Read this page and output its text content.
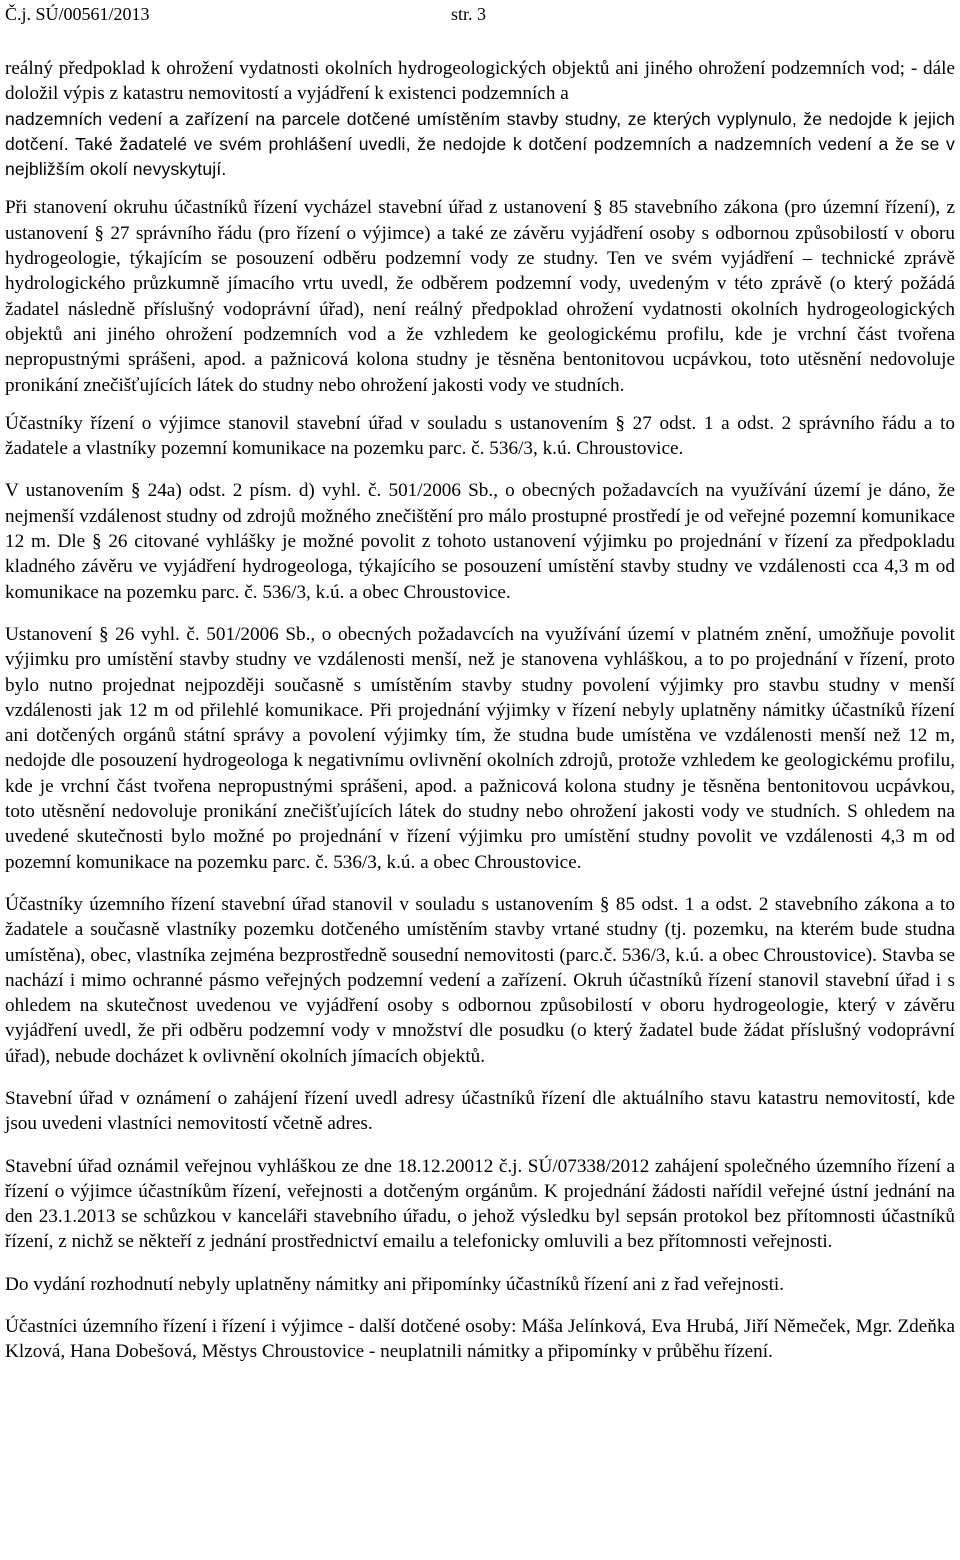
Č.j. SÚ/00561/2013	str. 3

reálný předpoklad k ohrožení vydatnosti okolních hydrogeologických objektů ani jiného ohrožení podzemních vod; - dále doložil výpis z katastru nemovitostí a vyjádření k existenci podzemních a

nadzemních vedení a zařízení na parcele dotčené umístěním stavby studny, ze kterých vyplynulo, že nedojde k jejich dotčení. Také žadatelé ve svém prohlášení uvedli, že nedojde k dotčení podzemních a nadzemních vedení a že se v nejbližším okolí nevyskytují.

Při stanovení okruhu účastníků řízení vycházel stavební úřad z ustanovení § 85 stavebního zákona (pro územní řízení), z ustanovení § 27 správního řádu (pro řízení o výjimce) a také ze závěru vyjádření osoby s odbornou způsobilostí v oboru hydrogeologie, týkajícím se posouzení odběru podzemní vody ze studny. Ten ve svém vyjádření – technické zprávě hydrologického průzkumně jímacího vrtu uvedl, že odběrem podzemní vody, uvedeným v této zprávě (o který požádá žadatel následně příslušný vodoprávní úřad), není reálný předpoklad ohrožení vydatnosti okolních hydrogeologických objektů ani jiného ohrožení podzemních vod a že vzhledem ke geologickému profilu, kde je vrchní část tvořena nepropustnými sprášeni, apod. a pažnicová kolona studny je těsněna bentonitovou ucpávkou, toto utěsnění nedovoluje pronikání znečišťujících látek do studny nebo ohrožení jakosti vody ve studních.

Účastníky řízení o výjimce stanovil stavební úřad v souladu s ustanovením § 27 odst. 1 a odst. 2 správního řádu a to žadatele a vlastníky pozemní komunikace na pozemku parc. č. 536/3, k.ú. Chroustovice.

V ustanovením § 24a) odst. 2 písm. d) vyhl. č. 501/2006 Sb., o obecných požadavcích na využívání území je dáno, že nejmenší vzdálenost studny od zdrojů možného znečištění pro málo prostupné prostředí je od veřejné pozemní komunikace 12 m. Dle § 26 citované vyhlášky je možné povolit z tohoto ustanovení výjimku po projednání v řízení za předpokladu kladného závěru ve vyjádření hydrogeologa, týkajícího se posouzení umístění stavby studny ve vzdálenosti cca 4,3 m od komunikace na pozemku parc. č. 536/3, k.ú. a obec Chroustovice.

Ustanovení § 26 vyhl. č. 501/2006 Sb., o obecných požadavcích na využívání území v platném znění, umožňuje povolit výjimku pro umístění stavby studny ve vzdálenosti menší, než je stanovena vyhláškou, a to po projednání v řízení, proto bylo nutno projednat nejpozději současně s umístěním stavby studny povolení výjimky pro stavbu studny v menší vzdálenosti jak 12 m od přilehlé komunikace. Při projednání výjimky v řízení nebyly uplatněny námitky účastníků řízení ani dotčených orgánů státní správy a povolení výjimky tím, že studna bude umístěna ve vzdálenosti menší než 12 m, nedojde dle posouzení hydrogeologa k negativnímu ovlivnění okolních zdrojů, protože vzhledem ke geologickému profilu, kde je vrchní část tvořena nepropustnými sprášeni, apod. a pažnicová kolona studny je těsněna bentonitovou ucpávkou, toto utěsnění nedovoluje pronikání znečišťujících látek do studny nebo ohrožení jakosti vody ve studních. S ohledem na uvedené skutečnosti bylo možné po projednání v řízení výjimku pro umístění studny povolit ve vzdálenosti 4,3 m od pozemní komunikace na pozemku parc. č. 536/3, k.ú. a obec Chroustovice.

Účastníky územního řízení stavební úřad stanovil v souladu s ustanovením § 85 odst. 1 a odst. 2 stavebního zákona a to žadatele a současně vlastníky pozemku dotčeného umístěním stavby vrtané studny (tj. pozemku, na kterém bude studna umístěna), obec, vlastníka zejména bezprostředně sousední nemovitosti (parc.č. 536/3, k.ú. a obec Chroustovice). Stavba se nachází i mimo ochranné pásmo veřejných podzemní vedení a zařízení. Okruh účastníků řízení stanovil stavební úřad i s ohledem na skutečnost uvedenou ve vyjádření osoby s odbornou způsobilostí v oboru hydrogeologie, který v závěru vyjádření uvedl, že při odběru podzemní vody v množství dle posudku (o který žadatel bude žádat příslušný vodoprávní úřad), nebude docházet k ovlivnění okolních jímacích objektů.

Stavební úřad v oznámení o zahájení řízení uvedl adresy účastníků řízení dle aktuálního stavu katastru nemovitostí, kde jsou uvedeni vlastníci nemovitostí včetně adres.

Stavební úřad oznámil veřejnou vyhláškou ze dne 18.12.20012 č.j. SÚ/07338/2012 zahájení společného územního řízení a řízení o výjimce účastníkům řízení, veřejnosti a dotčeným orgánům. K projednání žádosti nařídil veřejné ústní jednání na den 23.1.2013 se schůzkou v kanceláři stavebního úřadu, o jehož výsledku byl sepsán protokol bez přítomnosti účastníků řízení, z nichž se někteří z jednání prostřednictví emailu a telefonicky omluvili a bez přítomnosti veřejnosti.

Do vydání rozhodnutí nebyly uplatněny námitky ani připomínky účastníků řízení ani z řad veřejnosti.

Účastníci územního řízení i řízení i výjimce - další dotčené osoby: Máša Jelínková, Eva Hrubá, Jiří Němeček, Mgr. Zdeňka Klzová, Hana Dobešová, Městys Chroustovice - neuplatnili námitky a připomínky v průběhu řízení.
